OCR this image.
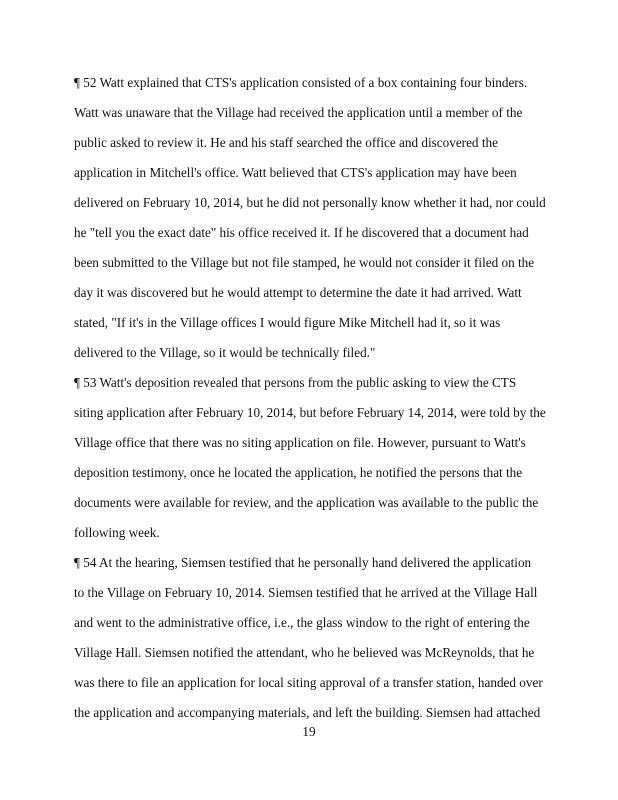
¶ 52 Watt explained that CTS's application consisted of a box containing four binders.
Watt was unaware that the Village had received the application until a member of the
public asked to review it. He and his staff searched the office and discovered the
application in Mitchell's office. Watt believed that CTS's application may have been
delivered on February 10, 2014, but he did not personally know whether it had, nor could
he "tell you the exact date" his office received it. If he discovered that a document had
been submitted to the Village but not file stamped, he would not consider it filed on the
day it was discovered but he would attempt to determine the date it had arrived. Watt
stated, "If it's in the Village offices I would figure Mike Mitchell had it, so it was
delivered to the Village, so it would be technically filed."
¶ 53 Watt's deposition revealed that persons from the public asking to view the CTS
siting application after February 10, 2014, but before February 14, 2014, were told by the
Village office that there was no siting application on file. However, pursuant to Watt's
deposition testimony, once he located the application, he notified the persons that the
documents were available for review, and the application was available to the public the
following week.
¶ 54 At the hearing, Siemsen testified that he personally hand delivered the application
to the Village on February 10, 2014. Siemsen testified that he arrived at the Village Hall
and went to the administrative office, i.e., the glass window to the right of entering the
Village Hall. Siemsen notified the attendant, who he believed was McReynolds, that he
was there to file an application for local siting approval of a transfer station, handed over
the application and accompanying materials, and left the building. Siemsen had attached
19
